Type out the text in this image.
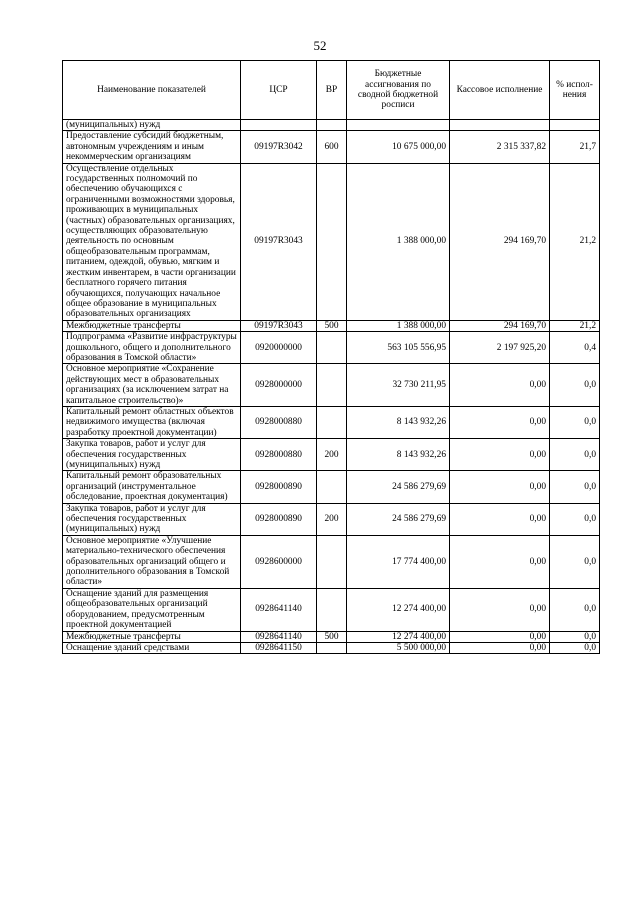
52
Наименование показателей	ЦСР	ВР	Бюджетные ассигнования по сводной бюджетной росписи	Кассовое исполнение	% испол-нения
(муниципальных) нужд					
Предоставление субсидий бюджетным, автономным учреждениям и иным некоммерческим организациям	09197R3042	600	10 675 000,00	2 315 337,82	21,7
Осуществление отдельных государственных полномочий по обеспечению обучающихся с ограниченными возможностями здоровья, проживающих в муниципальных (частных) образовательных организациях, осуществляющих образовательную деятельность по основным общеобразовательным программам, питанием, одеждой, обувью, мягким и жестким инвентарем, в части организации бесплатного горячего питания обучающихся, получающих начальное общее образование в муниципальных образовательных организациях	09197R3043		1 388 000,00	294 169,70	21,2
Межбюджетные трансферты	09197R3043	500	1 388 000,00	294 169,70	21,2
Подпрограмма «Развитие инфраструктуры дошкольного, общего и дополнительного образования в Томской области»	0920000000		563 105 556,95	2 197 925,20	0,4
Основное мероприятие «Сохранение действующих мест в образовательных организациях (за исключением затрат на капитальное строительство)»	0928000000		32 730 211,95	0,00	0,0
Капитальный ремонт областных объектов недвижимого имущества (включая разработку проектной документации)	0928000880		8 143 932,26	0,00	0,0
Закупка товаров, работ и услуг для обеспечения государственных (муниципальных) нужд	0928000880	200	8 143 932,26	0,00	0,0
Капитальный ремонт образовательных организаций (инструментальное обследование, проектная документация)	0928000890		24 586 279,69	0,00	0,0
Закупка товаров, работ и услуг для обеспечения государственных (муниципальных) нужд	0928000890	200	24 586 279,69	0,00	0,0
Основное мероприятие «Улучшение материально-технического обеспечения образовательных организаций общего и дополнительного образования в Томской области»	0928600000		17 774 400,00	0,00	0,0
Оснащение зданий для размещения общеобразовательных организаций оборудованием, предусмотренным проектной документацией	0928641140		12 274 400,00	0,00	0,0
Межбюджетные трансферты	0928641140	500	12 274 400,00	0,00	0,0
Оснащение зданий средствами	0928641150		5 500 000,00	0,00	0,0
